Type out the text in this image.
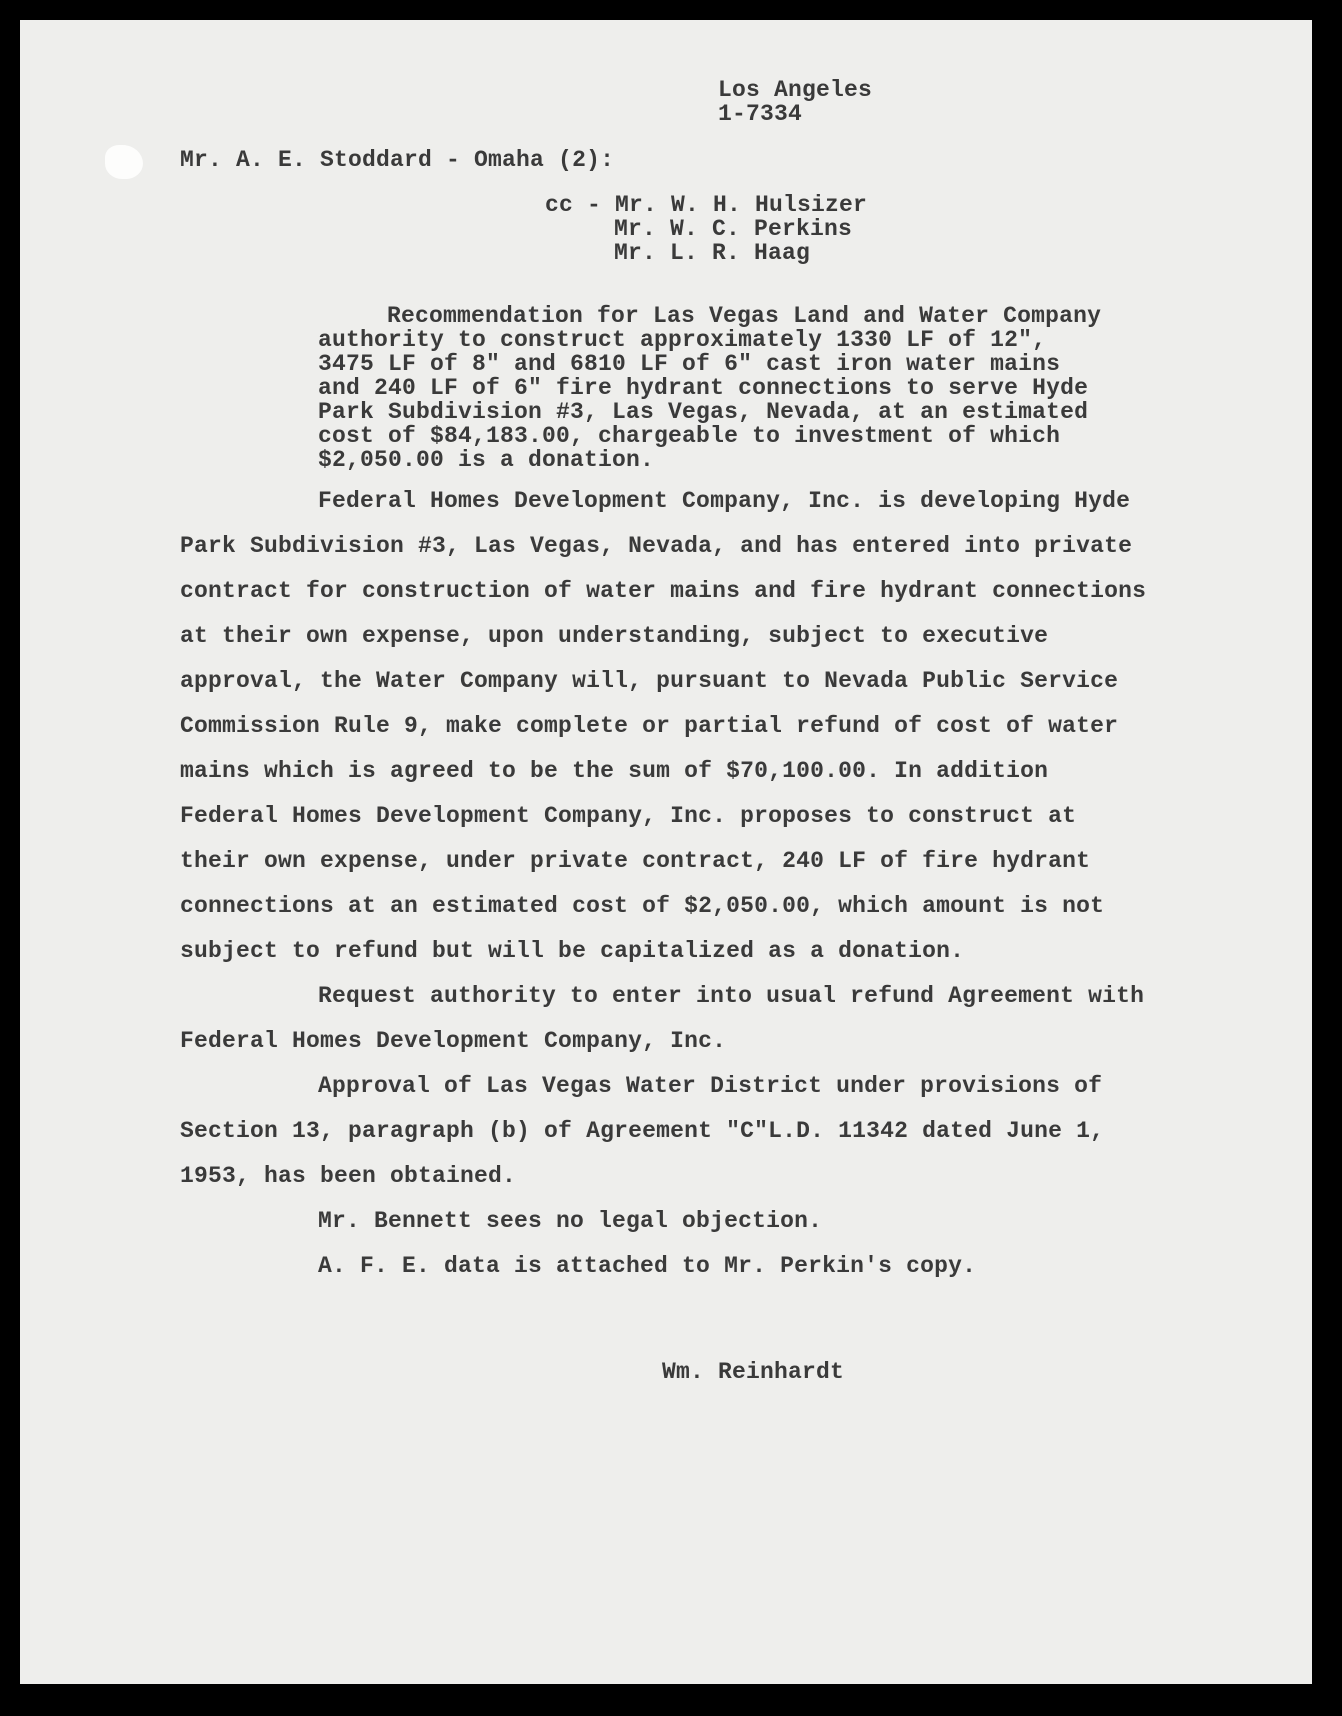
Los Angeles
1-7334
Mr. A. E. Stoddard - Omaha (2):
cc - Mr. W. H. Hulsizer
Mr. W. C. Perkins
Mr. L. R. Haag
Recommendation for Las Vegas Land and Water Company
authority to construct approximately 1330 LF of 12",
3475 LF of 8" and 6810 LF of 6" cast iron water mains
and 240 LF of 6" fire hydrant connections to serve Hyde
Park Subdivision #3, Las Vegas, Nevada, at an estimated
cost of $84,183.00, chargeable to investment of which
$2,050.00 is a donation.
Federal Homes Development Company, Inc. is developing Hyde
Park Subdivision #3, Las Vegas, Nevada, and has entered into private
contract for construction of water mains and fire hydrant connections
at their own expense, upon understanding, subject to executive
approval, the Water Company will, pursuant to Nevada Public Service
Commission Rule 9, make complete or partial refund of cost of water
mains which is agreed to be the sum of $70,100.00. In addition
Federal Homes Development Company, Inc. proposes to construct at
their own expense, under private contract, 240 LF of fire hydrant
connections at an estimated cost of $2,050.00, which amount is not
subject to refund but will be capitalized as a donation.
Request authority to enter into usual refund Agreement with
Federal Homes Development Company, Inc.
Approval of Las Vegas Water District under provisions of
Section 13, paragraph (b) of Agreement "C"L.D. 11342 dated June 1,
1953, has been obtained.
Mr. Bennett sees no legal objection.
A. F. E. data is attached to Mr. Perkin's copy.
Wm. Reinhardt
